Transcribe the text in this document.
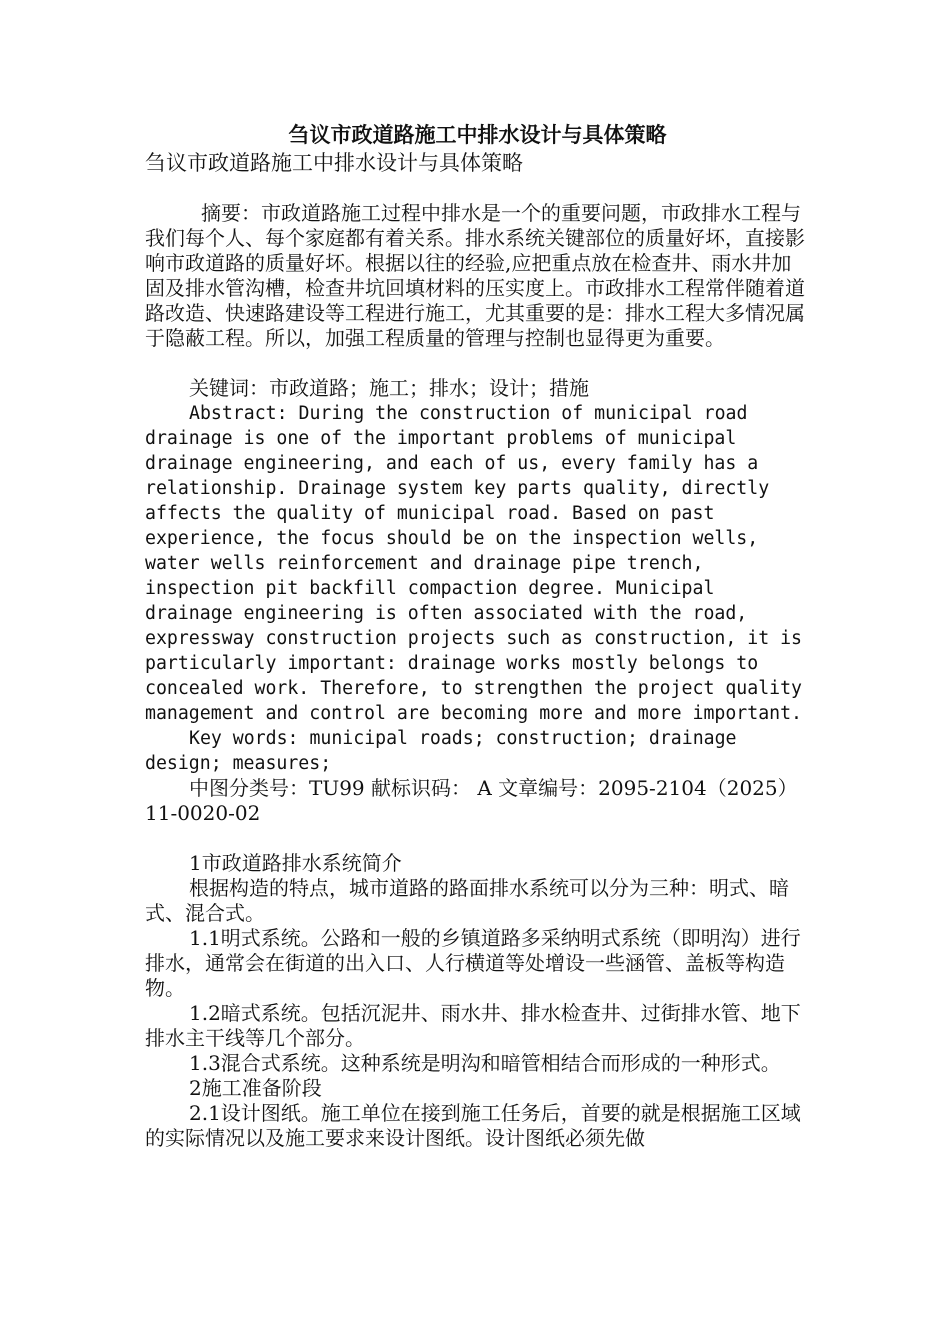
刍议市政道路施工中排水设计与具体策略

刍议市政道路施工中排水设计与具体策略

摘要：市政道路施工过程中排水是一个的重要问题，市政排水工程与我们每个人、每个家庭都有着关系。排水系统关键部位的质量好坏，直接影响市政道路的质量好坏。根据以往的经验,应把重点放在检查井、雨水井加固及排水管沟槽，检查井坑回填材料的压实度上。市政排水工程常伴随着道路改造、快速路建设等工程进行施工，尤其重要的是：排水工程大多情况属于隐蔽工程。所以，加强工程质量的管理与控制也显得更为重要。

关键词：市政道路；施工；排水；设计；措施

Abstract: During the construction of municipal road drainage is one of the important problems of municipal drainage engineering, and each of us, every family has a relationship. Drainage system key parts quality, directly affects the quality of municipal road. Based on past experience, the focus should be on the inspection wells, water wells reinforcement and drainage pipe trench, inspection pit backfill compaction degree. Municipal drainage engineering is often associated with the road, expressway construction projects such as construction, it is particularly important: drainage works mostly belongs to concealed work. Therefore, to strengthen the project quality management and control are becoming more and more important.

Key words: municipal roads; construction; drainage design; measures;

中图分类号：TU99 献标识码： A 文章编号：2095-2104（2025）11-0020-02

1市政道路排水系统简介

根据构造的特点，城市道路的路面排水系统可以分为三种：明式、暗式、混合式。

1.1明式系统。公路和一般的乡镇道路多采纳明式系统（即明沟）进行排水，通常会在街道的出入口、人行横道等处增设一些涵管、盖板等构造物。

1.2暗式系统。包括沉泥井、雨水井、排水检查井、过街排水管、地下排水主干线等几个部分。

1.3混合式系统。这种系统是明沟和暗管相结合而形成的一种形式。

2施工准备阶段

2.1设计图纸。施工单位在接到施工任务后，首要的就是根据施工区域的实际情况以及施工要求来设计图纸。设计图纸必须先做
